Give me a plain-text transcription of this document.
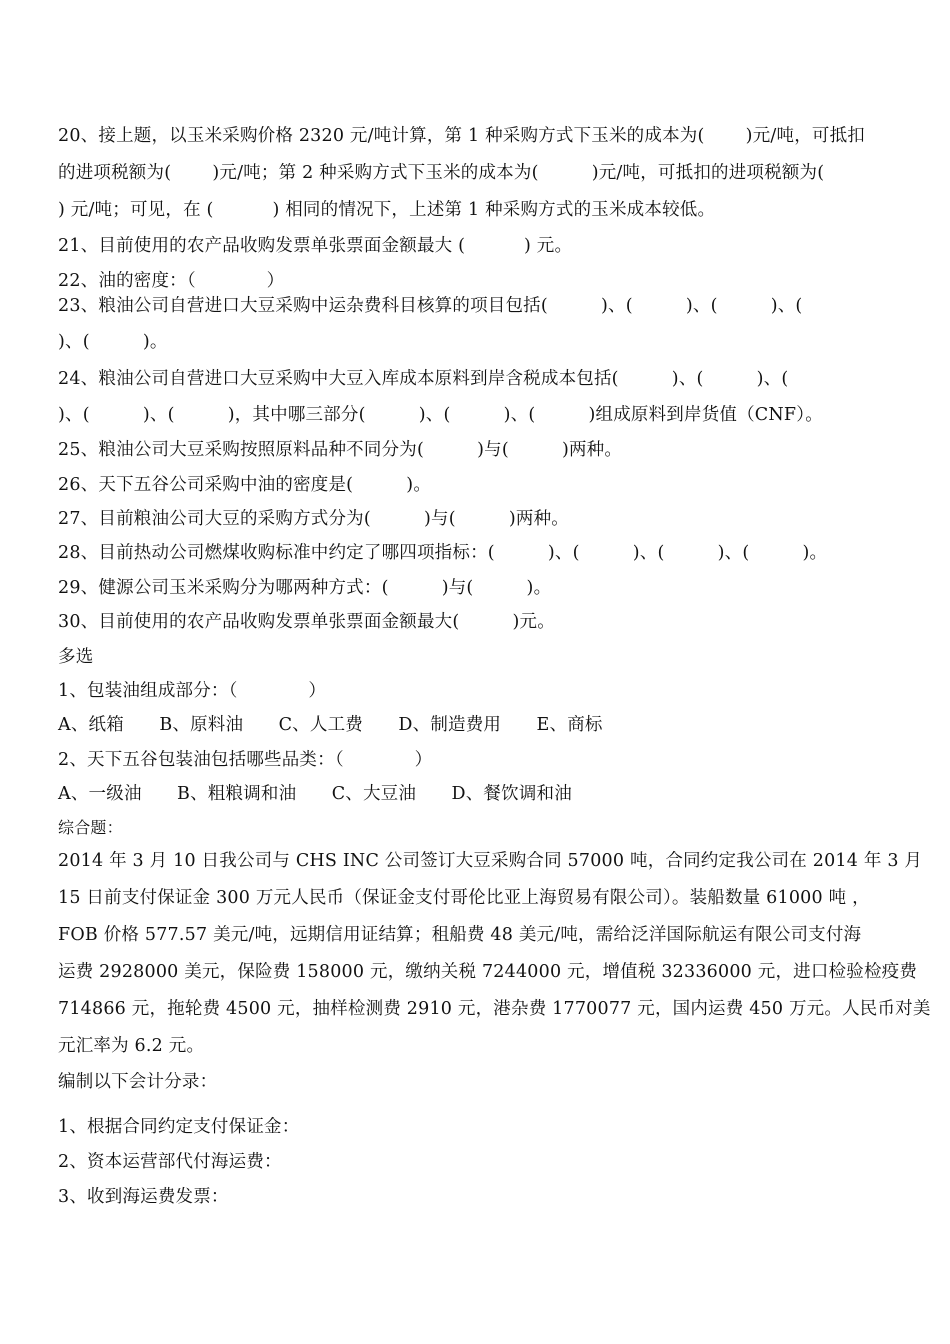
20、接上题，以玉米采购价格 2320 元/吨计算，第 1 种采购方式下玉米的成本为(　　 )元/吨，可抵扣
的进项税额为(　　 )元/吨；第 2 种采购方式下玉米的成本为(　　　)元/吨，可抵扣的进项税额为(
) 元/吨；可见，在 (　　　 ) 相同的情况下，上述第 1 种采购方式的玉米成本较低。
21、目前使用的农产品收购发票单张票面金额最大 (　　　 ) 元。
22、油的密度：（　　　　）
23、粮油公司自营进口大豆采购中运杂费科目核算的项目包括(　　　)、(　　　)、(　　　)、(
)、(　　　)。
24、粮油公司自营进口大豆采购中大豆入库成本原料到岸含税成本包括(　　　)、(　　　)、(
)、(　　　)、(　　　)，其中哪三部分(　　　)、(　　　)、(　　　)组成原料到岸货值（CNF）。
25、粮油公司大豆采购按照原料品种不同分为(　　　)与(　　　)两种。
26、天下五谷公司采购中油的密度是(　　　)。
27、目前粮油公司大豆的采购方式分为(　　　)与(　　　)两种。
28、目前热动公司燃煤收购标准中约定了哪四项指标：(　　　)、(　　　)、(　　　)、(　　　)。
29、健源公司玉米采购分为哪两种方式：(　　　)与(　　　)。
30、目前使用的农产品收购发票单张票面金额最大(　　　)元。
多选
1、包装油组成部分：（　　　　）
A、纸箱　　B、原料油　　C、人工费　　D、制造费用　　E、商标
2、天下五谷包装油包括哪些品类：（　　　　）
A、一级油　　B、粗粮调和油　　C、大豆油　　D、餐饮调和油
综合题：
2014 年 3 月 10 日我公司与 CHS INC 公司签订大豆采购合同 57000 吨，合同约定我公司在 2014 年 3 月
15 日前支付保证金 300 万元人民币（保证金支付哥伦比亚上海贸易有限公司）。装船数量 61000 吨 ，
FOB 价格 577.57 美元/吨，远期信用证结算；租船费 48 美元/吨，需给泛洋国际航运有限公司支付海
运费 2928000 美元，保险费 158000 元，缴纳关税 7244000 元，增值税 32336000 元，进口检验检疫费
714866 元，拖轮费 4500 元，抽样检测费 2910 元，港杂费 1770077 元，国内运费 450 万元。人民币对美
元汇率为 6.2 元。
编制以下会计分录：
1、根据合同约定支付保证金：
2、资本运营部代付海运费：
3、收到海运费发票：
